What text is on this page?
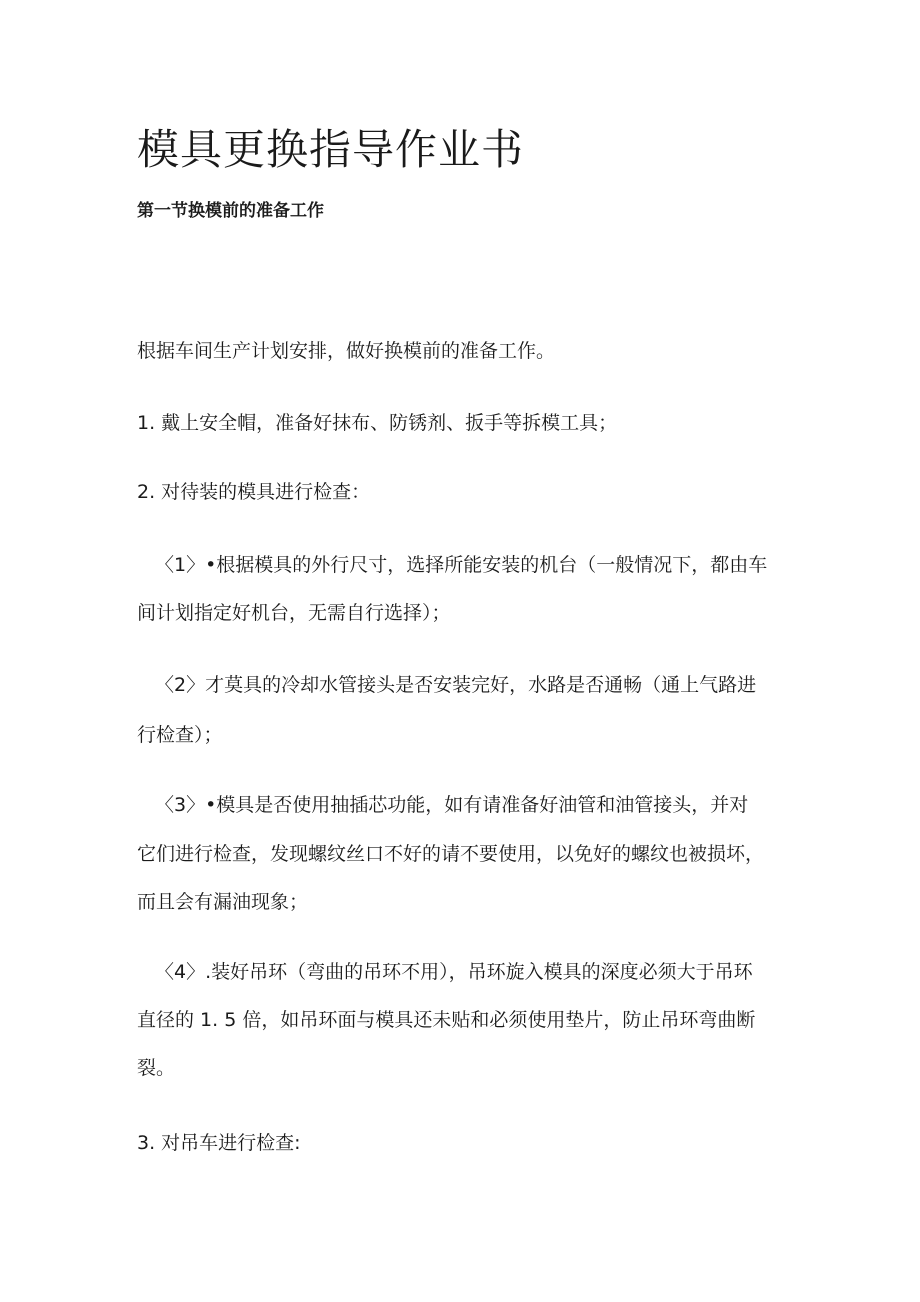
模具更换指导作业书
第一节换模前的准备工作

根据车间生产计划安排，做好换模前的准备工作。

1. 戴上安全帽，准备好抹布、防锈剂、扳手等拆模工具；

2. 对待装的模具进行检查：

〈1〉•根据模具的外行尺寸，选择所能安装的机台（一般情况下，都由车

间计划指定好机台，无需自行选择）；

〈2〉才莫具的冷却水管接头是否安装完好，水路是否通畅（通上气路进

行检查）；

〈3〉•模具是否使用抽插芯功能，如有请准备好油管和油管接头，并对

它们进行检查，发现螺纹丝口不好的请不要使用，以免好的螺纹也被损坏，

而且会有漏油现象；

〈4〉.装好吊环（弯曲的吊环不用），吊环旋入模具的深度必须大于吊环

直径的 1. 5 倍，如吊环面与模具还未贴和必须使用垫片，防止吊环弯曲断

裂。

3. 对吊车进行检查:
